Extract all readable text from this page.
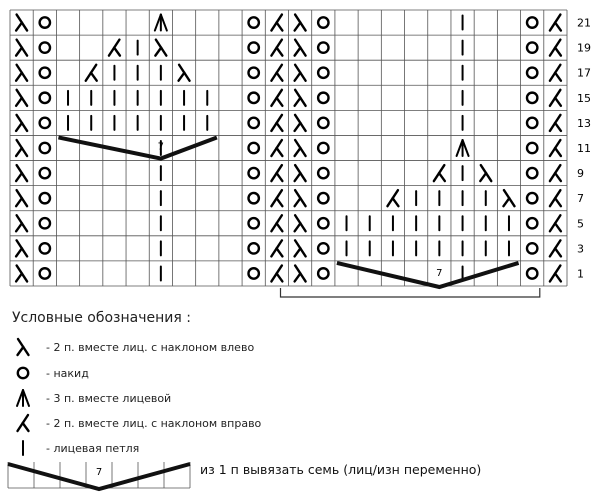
21
19
17
15
13
11
9
7
5
3
1
7
7
Условные обозначения :
- 2 п. вместе лиц. с наклоном влево
- накид
- 3 п. вместе лицевой
- 2 п. вместе лиц. с наклоном вправо
- лицевая петля
7	из 1 п вывязать семь (лиц/изн переменно)
